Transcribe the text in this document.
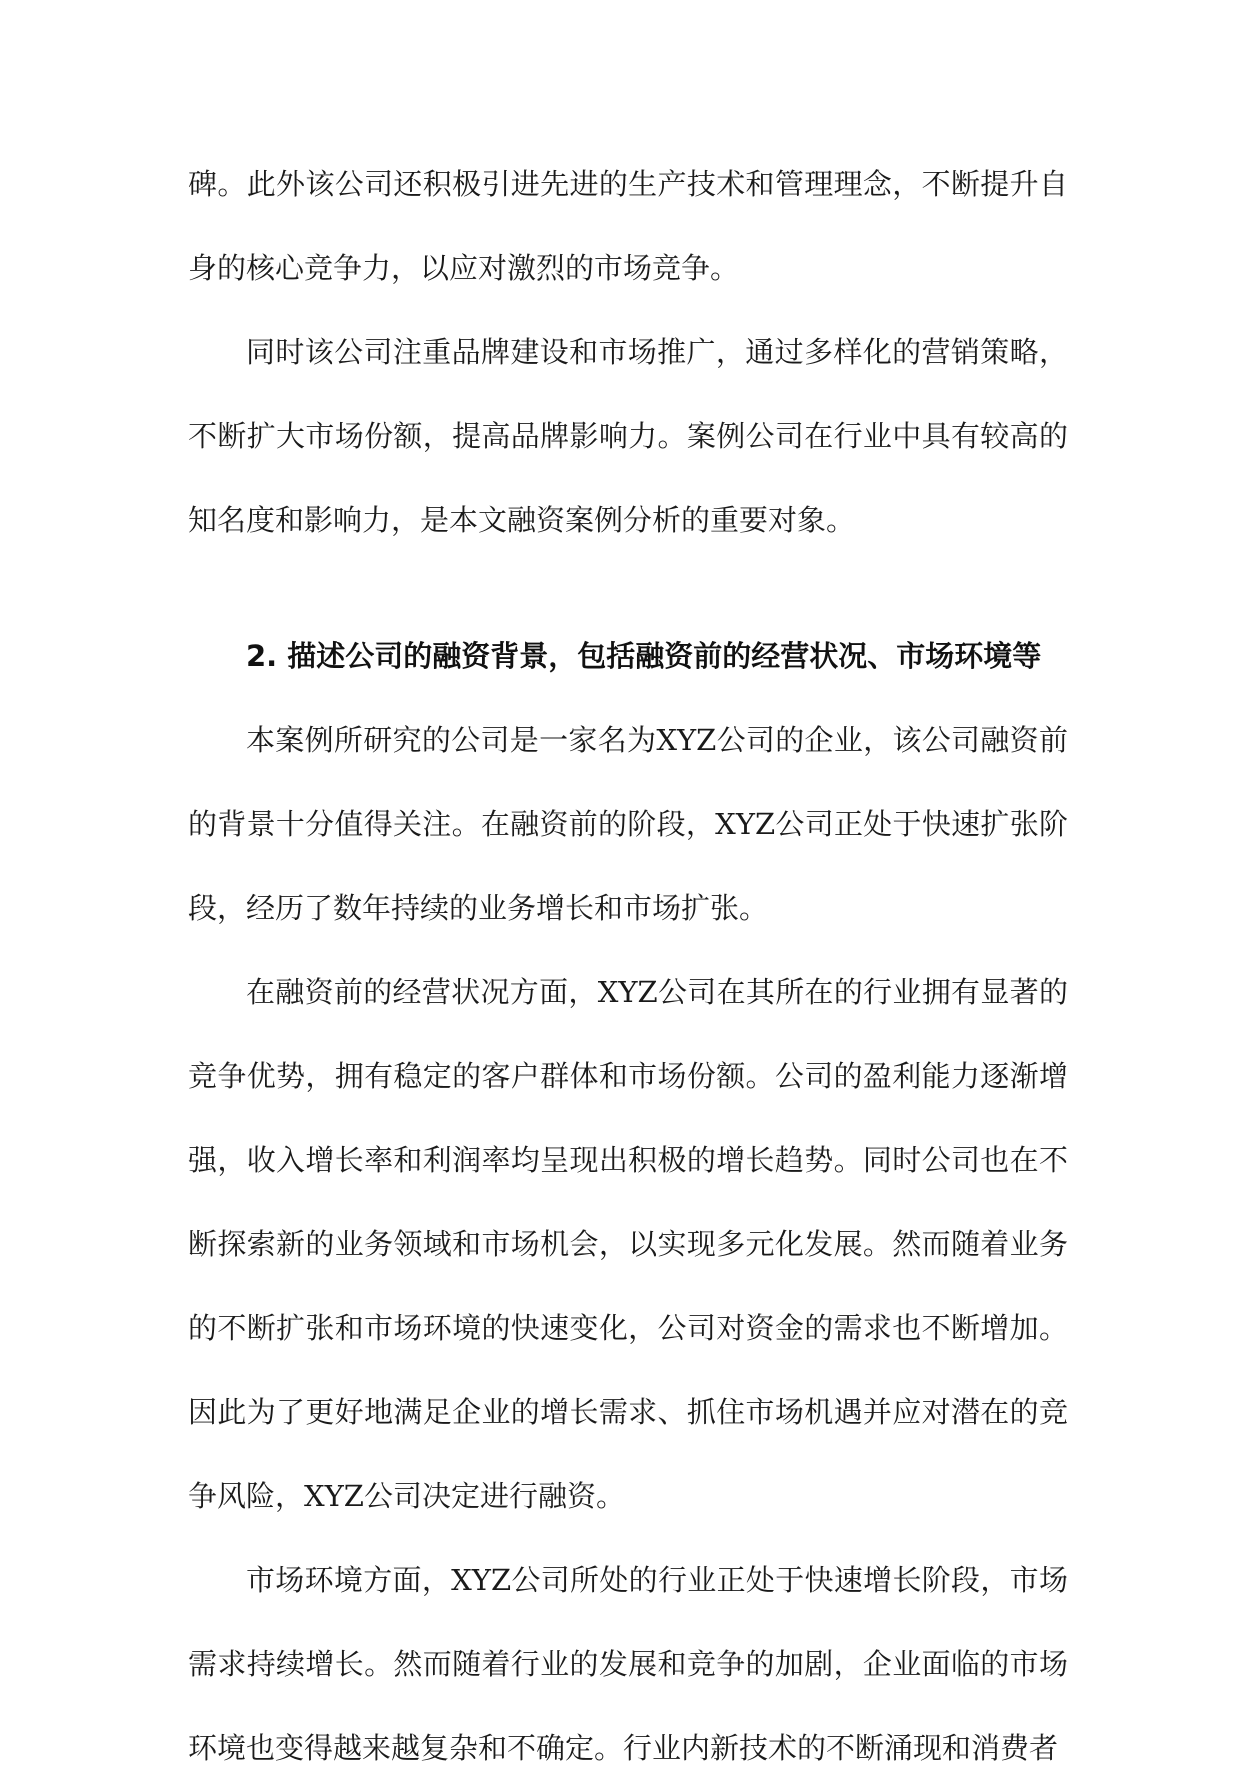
碑。此外该公司还积极引进先进的生产技术和管理理念，不断提升自身的核心竞争力，以应对激烈的市场竞争。

同时该公司注重品牌建设和市场推广，通过多样化的营销策略，不断扩大市场份额，提高品牌影响力。案例公司在行业中具有较高的知名度和影响力，是本文融资案例分析的重要对象。

2. 描述公司的融资背景，包括融资前的经营状况、市场环境等

本案例所研究的公司是一家名为XYZ公司的企业，该公司融资前的背景十分值得关注。在融资前的阶段，XYZ公司正处于快速扩张阶段，经历了数年持续的业务增长和市场扩张。

在融资前的经营状况方面，XYZ公司在其所在的行业拥有显著的竞争优势，拥有稳定的客户群体和市场份额。公司的盈利能力逐渐增强，收入增长率和利润率均呈现出积极的增长趋势。同时公司也在不断探索新的业务领域和市场机会，以实现多元化发展。然而随着业务的不断扩张和市场环境的快速变化，公司对资金的需求也不断增加。因此为了更好地满足企业的增长需求、抓住市场机遇并应对潜在的竞争风险，XYZ公司决定进行融资。

市场环境方面，XYZ公司所处的行业正处于快速增长阶段，市场需求持续增长。然而随着行业的发展和竞争的加剧，企业面临的市场环境也变得越来越复杂和不确定。行业内新技术的不断涌现和消费者
